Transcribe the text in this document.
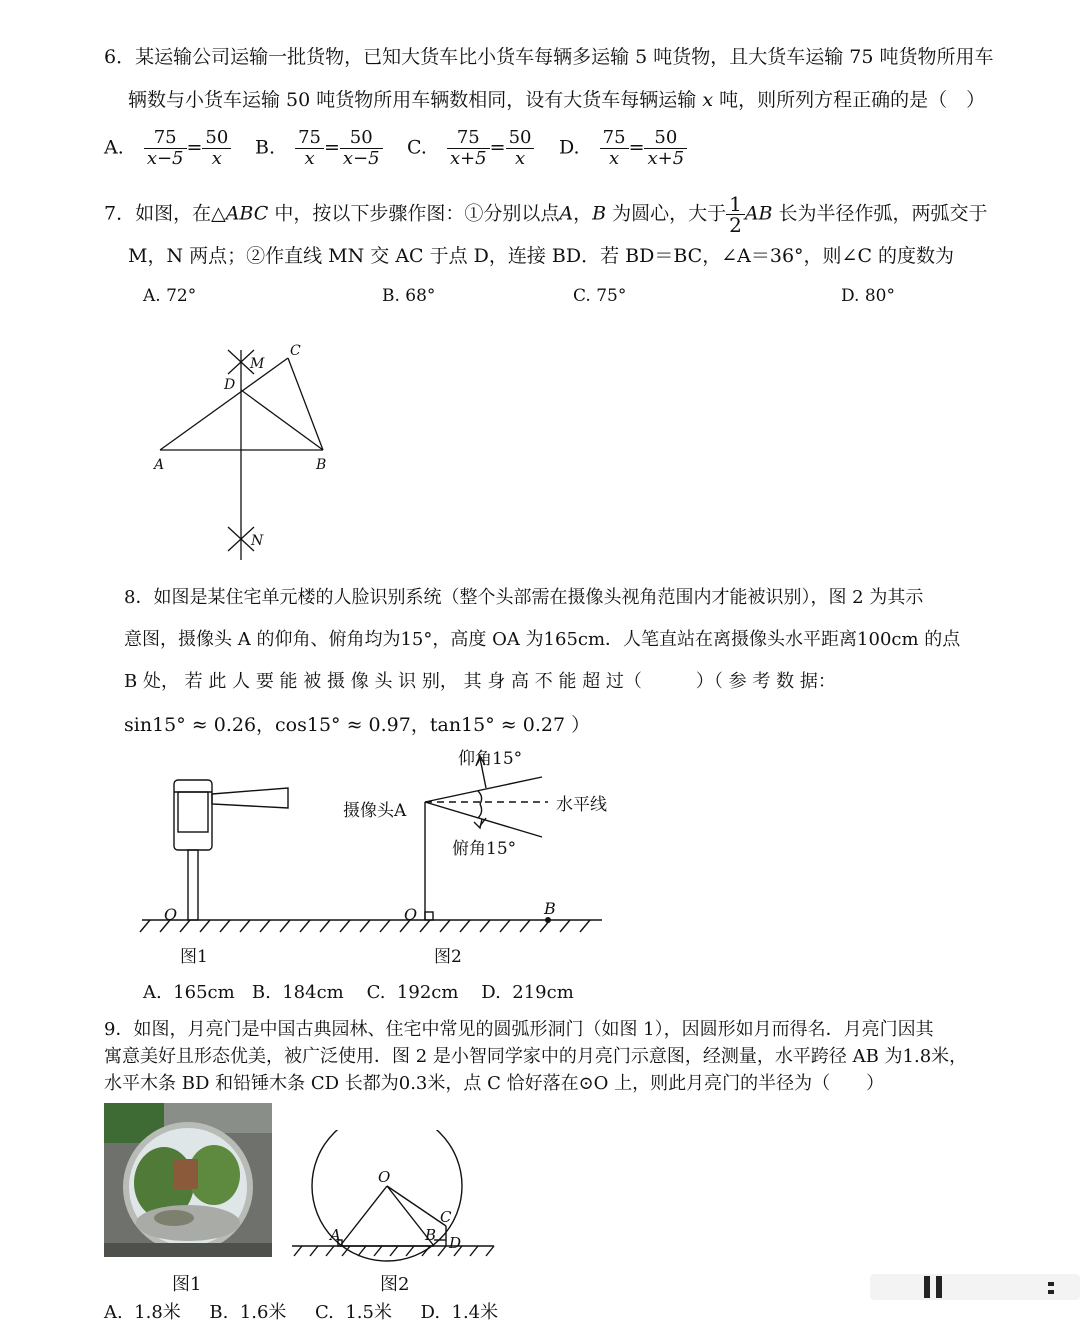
6．某运输公司运输一批货物，已知大货车比小货车每辆多运输 5 吨货物，且大货车运输 75 吨货物所用车
辆数与小货车运输 50 吨货物所用车辆数相同，设有大货车每辆运输 x 吨，则所列方程正确的是（　）
A. $\frac{75}{x-5} = \frac{50}{x} B$. $\frac{75}{x} = \frac{50}{x-5} C$. $\frac{75}{x+5} = \frac{50}{x} D$. $\frac{75}{x} = \frac{50}{x+5}$
7．如图，在△ABC 中，按以下步骤作图：①分别以点A，B 为圆心，大于 $\frac{1}{2}$ AB 长为半径作弧，两弧交于
M，N 两点；②作直线 MN 交 AC 于点 D，连接 BD．若 BD＝BC，∠A＝36°，则∠C 的度数为
A. 72°	B. 68°	C. 75°	D. 80°
A	B
C
D
M
N
8．如图是某住宅单元楼的人脸识别系统（整个头部需在摄像头视角范围内才能被识别），图 2 为其示
意图，摄像头 A 的仰角、俯角均为15°，高度 OA 为165cm．人笔直站在离摄像头水平距离100cm 的点
B 处， 若 此 人 要 能 被 摄 像 头 识 别， 其 身 高 不 能 超 过（　　　）（ 参 考 数 据：
sin15° ≈ 0.26，cos15° ≈ 0.97，tan15° ≈ 0.27 ）
仰角15°
摄像头A	水平线
俯角15°
O	O	B
图1	图2
A.  165cm   B.  184cm    C.  192cm    D.  219cm
9．如图，月亮门是中国古典园林、住宅中常见的圆弧形洞门（如图 1），因圆形如月而得名．月亮门因其
寓意美好且形态优美，被广泛使用．图 2 是小智同学家中的月亮门示意图，经测量，水平跨径 AB 为1.8米，
水平木条 BD 和铅锤木条 CD 长都为0.3米，点 C 恰好落在⊙O 上，则此月亮门的半径为（　　）
O
A	B
C
D
图1	图2
A.  1.8米     B.  1.6米     C.  1.5米     D.  1.4米
